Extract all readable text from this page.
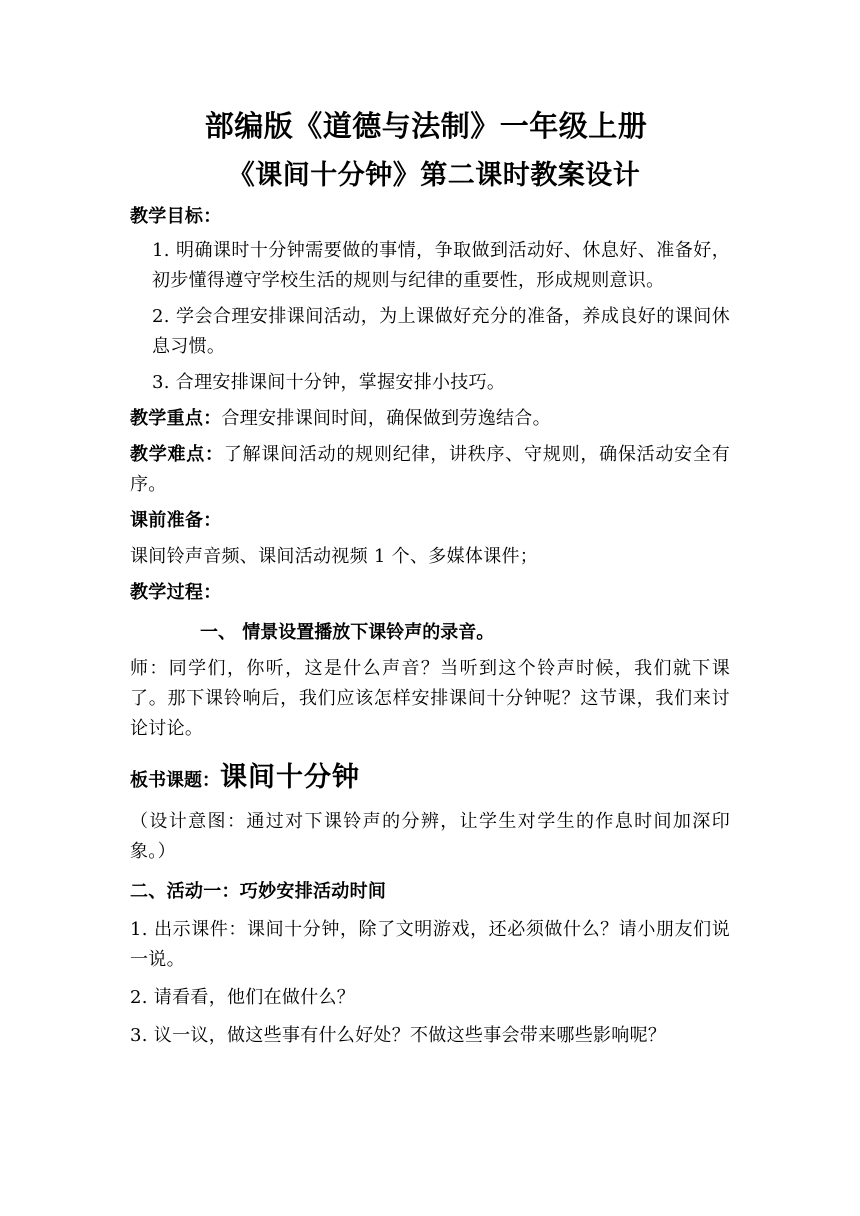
部编版《道德与法制》一年级上册
《课间十分钟》第二课时教案设计
教学目标：
1. 明确课时十分钟需要做的事情，争取做到活动好、休息好、准备好，初步懂得遵守学校生活的规则与纪律的重要性，形成规则意识。
2. 学会合理安排课间活动，为上课做好充分的准备，养成良好的课间休息习惯。
3. 合理安排课间十分钟，掌握安排小技巧。
教学重点：合理安排课间时间，确保做到劳逸结合。
教学难点：了解课间活动的规则纪律，讲秩序、守规则，确保活动安全有序。
课前准备：
课间铃声音频、课间活动视频 1 个、多媒体课件；
教学过程：
一、 情景设置播放下课铃声的录音。
师：同学们，你听，这是什么声音？当听到这个铃声时候，我们就下课了。那下课铃响后，我们应该怎样安排课间十分钟呢？这节课，我们来讨论讨论。
板书课题：课间十分钟
（设计意图：通过对下课铃声的分辨，让学生对学生的作息时间加深印象。）
二、活动一：巧妙安排活动时间
1. 出示课件：课间十分钟，除了文明游戏，还必须做什么？请小朋友们说一说。
2. 请看看，他们在做什么？
3. 议一议，做这些事有什么好处？不做这些事会带来哪些影响呢？
